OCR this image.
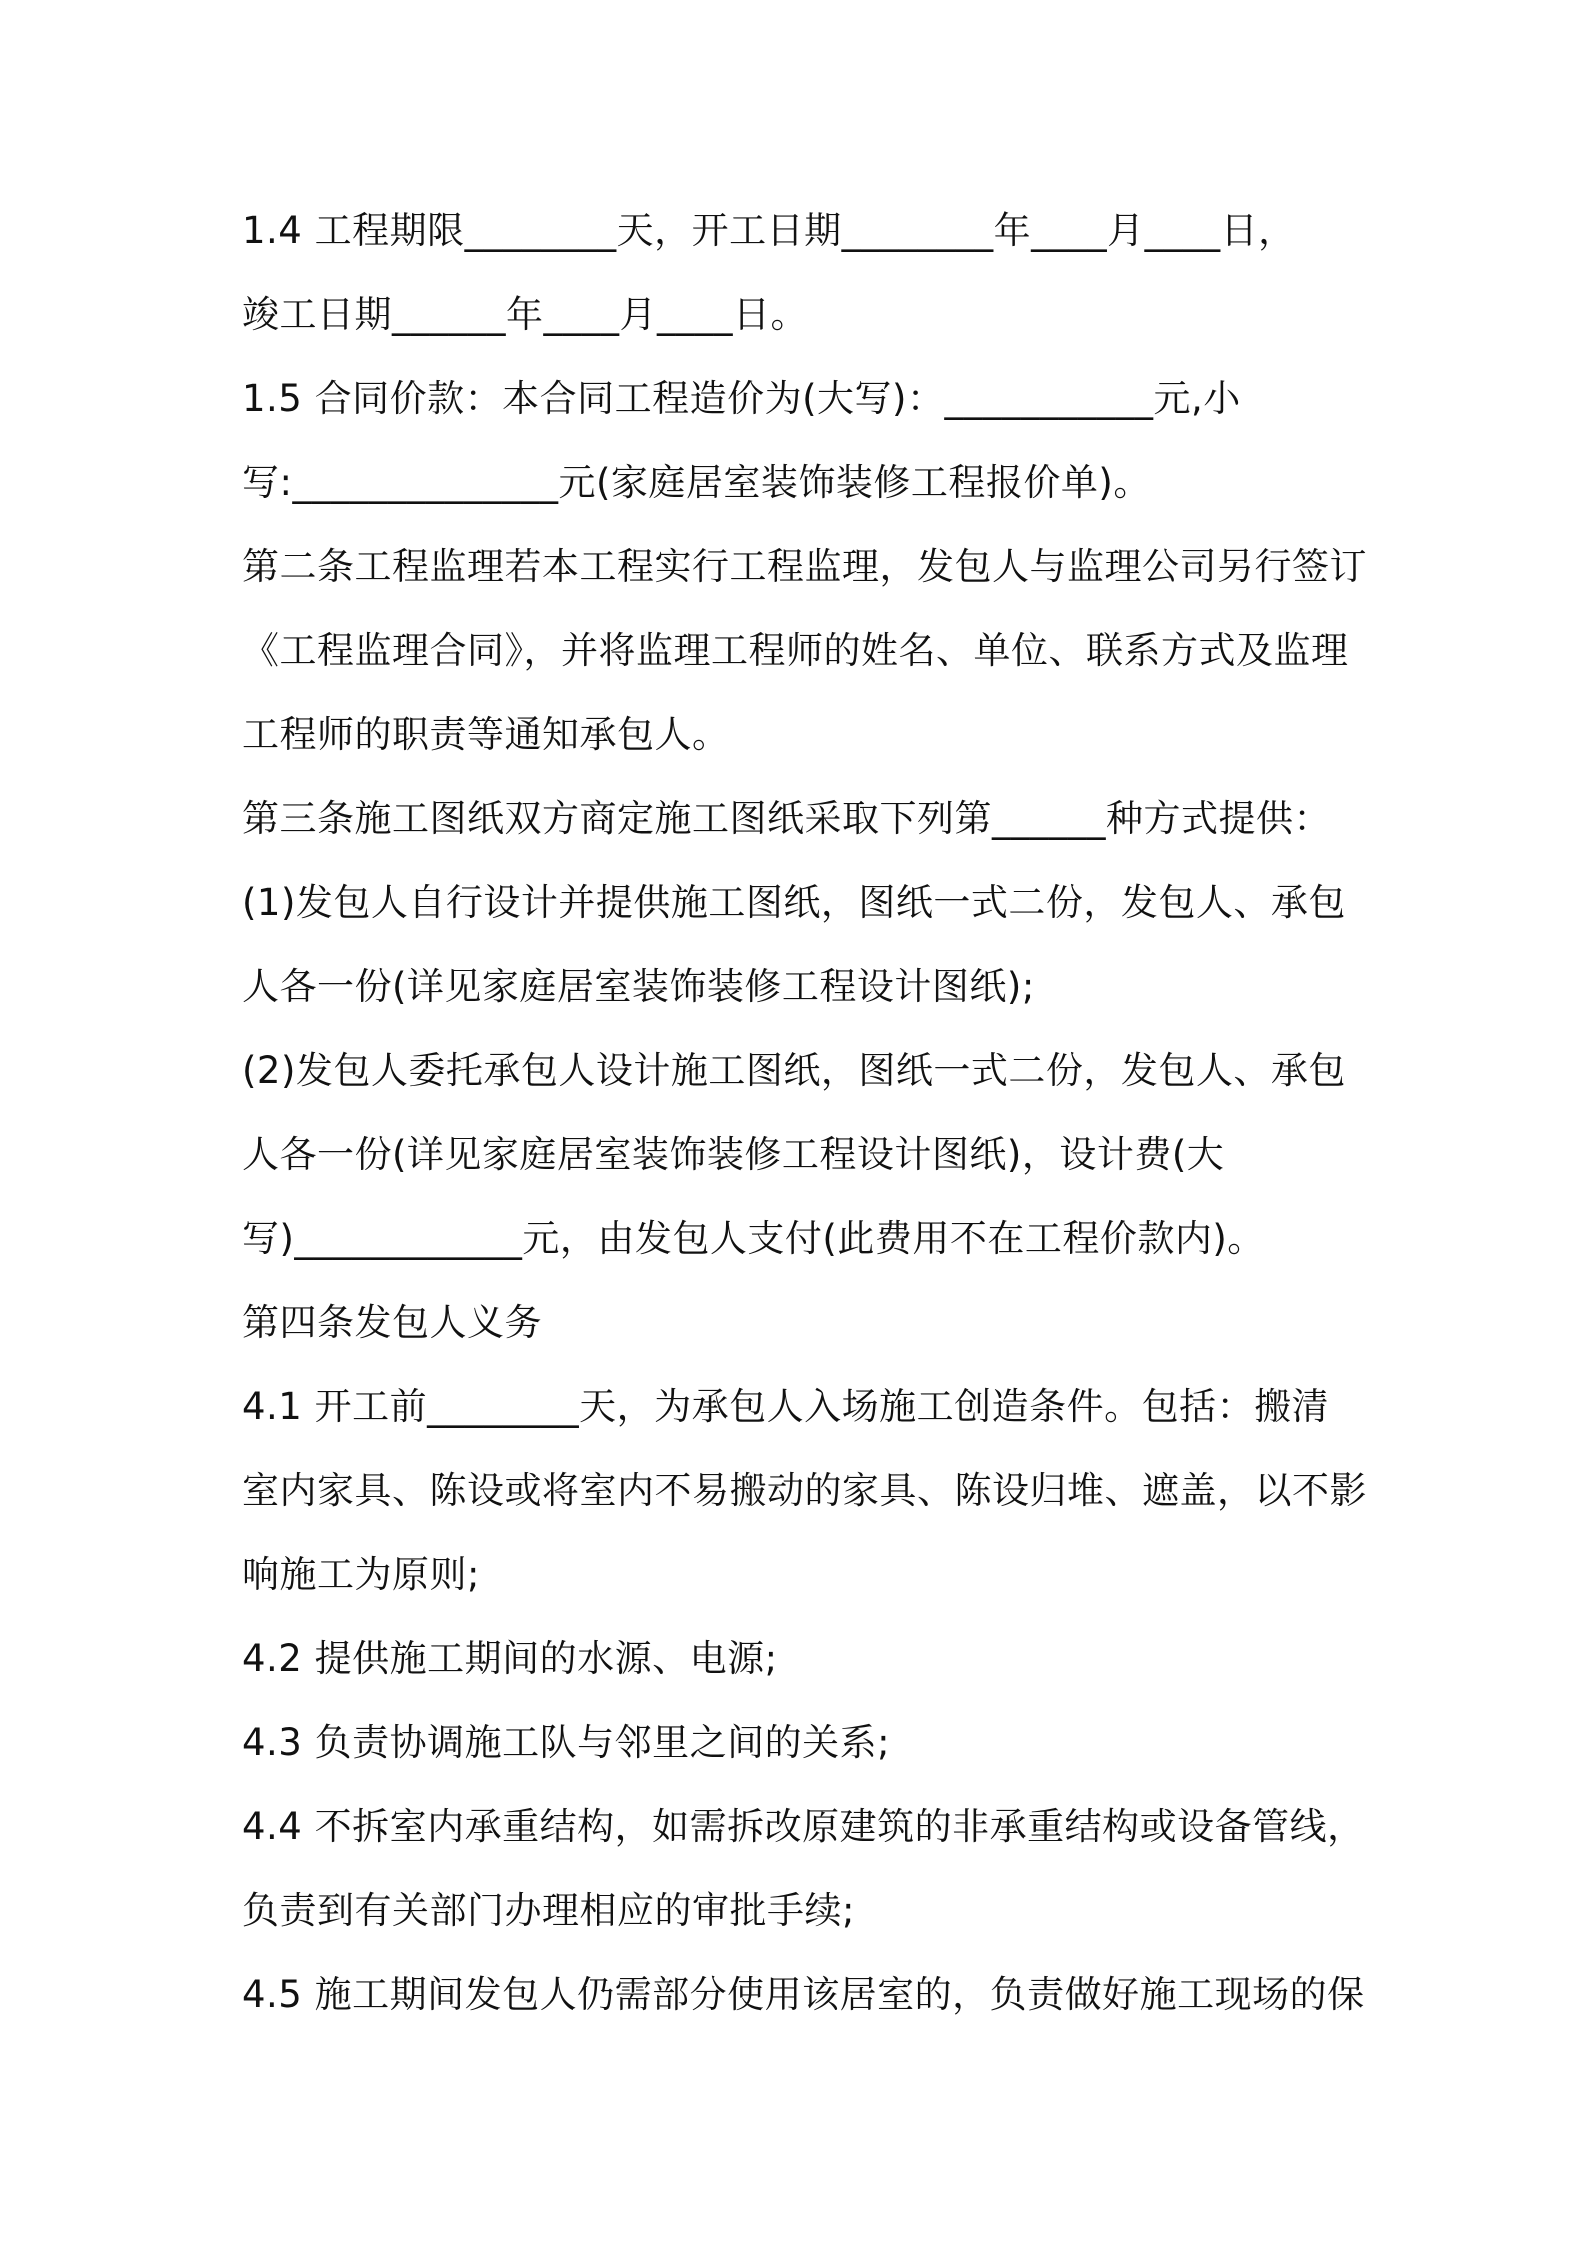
1.4 工程期限________天，开工日期________年____月____日，
竣工日期______年____月____日。
1.5 合同价款：本合同工程造价为(大写)：___________元,小
写:______________元(家庭居室装饰装修工程报价单)。
第二条工程监理若本工程实行工程监理，发包人与监理公司另行签订
《工程监理合同》，并将监理工程师的姓名、单位、联系方式及监理
工程师的职责等通知承包人。
第三条施工图纸双方商定施工图纸采取下列第______种方式提供：
(1)发包人自行设计并提供施工图纸，图纸一式二份，发包人、承包
人各一份(详见家庭居室装饰装修工程设计图纸);
(2)发包人委托承包人设计施工图纸，图纸一式二份，发包人、承包
人各一份(详见家庭居室装饰装修工程设计图纸)，设计费(大
写)____________元，由发包人支付(此费用不在工程价款内)。
第四条发包人义务
4.1 开工前________天，为承包人入场施工创造条件。包括：搬清
室内家具、陈设或将室内不易搬动的家具、陈设归堆、遮盖，以不影
响施工为原则;
4.2 提供施工期间的水源、电源;
4.3 负责协调施工队与邻里之间的关系;
4.4 不拆室内承重结构，如需拆改原建筑的非承重结构或设备管线，
负责到有关部门办理相应的审批手续;
4.5 施工期间发包人仍需部分使用该居室的，负责做好施工现场的保
